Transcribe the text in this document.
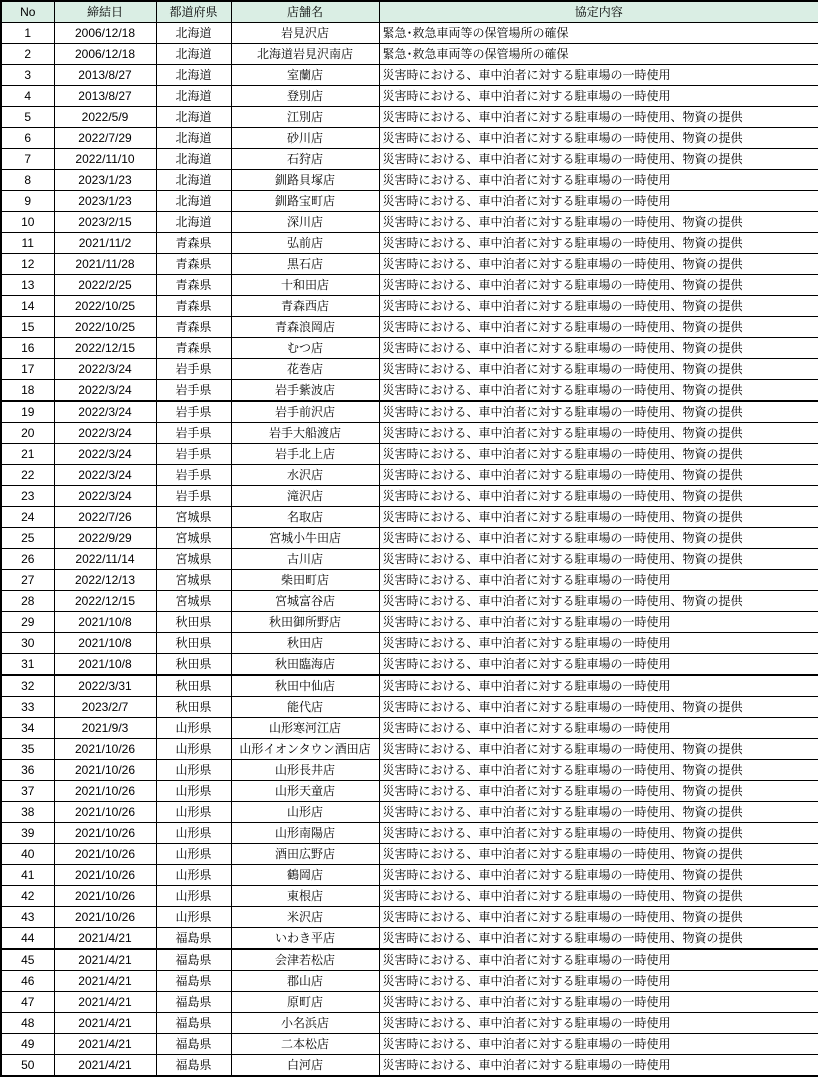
No	締結日	都道府県	店舗名	協定内容
1	2006/12/18	北海道	岩見沢店	緊急･救急車両等の保管場所の確保
2	2006/12/18	北海道	北海道岩見沢南店	緊急･救急車両等の保管場所の確保
3	2013/8/27	北海道	室蘭店	災害時における、車中泊者に対する駐車場の一時使用
4	2013/8/27	北海道	登別店	災害時における、車中泊者に対する駐車場の一時使用
5	2022/5/9	北海道	江別店	災害時における、車中泊者に対する駐車場の一時使用、物資の提供
6	2022/7/29	北海道	砂川店	災害時における、車中泊者に対する駐車場の一時使用、物資の提供
7	2022/11/10	北海道	石狩店	災害時における、車中泊者に対する駐車場の一時使用、物資の提供
8	2023/1/23	北海道	釧路貝塚店	災害時における、車中泊者に対する駐車場の一時使用
9	2023/1/23	北海道	釧路宝町店	災害時における、車中泊者に対する駐車場の一時使用
10	2023/2/15	北海道	深川店	災害時における、車中泊者に対する駐車場の一時使用、物資の提供
11	2021/11/2	青森県	弘前店	災害時における、車中泊者に対する駐車場の一時使用、物資の提供
12	2021/11/28	青森県	黒石店	災害時における、車中泊者に対する駐車場の一時使用、物資の提供
13	2022/2/25	青森県	十和田店	災害時における、車中泊者に対する駐車場の一時使用、物資の提供
14	2022/10/25	青森県	青森西店	災害時における、車中泊者に対する駐車場の一時使用、物資の提供
15	2022/10/25	青森県	青森浪岡店	災害時における、車中泊者に対する駐車場の一時使用、物資の提供
16	2022/12/15	青森県	むつ店	災害時における、車中泊者に対する駐車場の一時使用、物資の提供
17	2022/3/24	岩手県	花巻店	災害時における、車中泊者に対する駐車場の一時使用、物資の提供
18	2022/3/24	岩手県	岩手紫波店	災害時における、車中泊者に対する駐車場の一時使用、物資の提供
19	2022/3/24	岩手県	岩手前沢店	災害時における、車中泊者に対する駐車場の一時使用、物資の提供
20	2022/3/24	岩手県	岩手大船渡店	災害時における、車中泊者に対する駐車場の一時使用、物資の提供
21	2022/3/24	岩手県	岩手北上店	災害時における、車中泊者に対する駐車場の一時使用、物資の提供
22	2022/3/24	岩手県	水沢店	災害時における、車中泊者に対する駐車場の一時使用、物資の提供
23	2022/3/24	岩手県	滝沢店	災害時における、車中泊者に対する駐車場の一時使用、物資の提供
24	2022/7/26	宮城県	名取店	災害時における、車中泊者に対する駐車場の一時使用、物資の提供
25	2022/9/29	宮城県	宮城小牛田店	災害時における、車中泊者に対する駐車場の一時使用、物資の提供
26	2022/11/14	宮城県	古川店	災害時における、車中泊者に対する駐車場の一時使用、物資の提供
27	2022/12/13	宮城県	柴田町店	災害時における、車中泊者に対する駐車場の一時使用
28	2022/12/15	宮城県	宮城富谷店	災害時における、車中泊者に対する駐車場の一時使用、物資の提供
29	2021/10/8	秋田県	秋田御所野店	災害時における、車中泊者に対する駐車場の一時使用
30	2021/10/8	秋田県	秋田店	災害時における、車中泊者に対する駐車場の一時使用
31	2021/10/8	秋田県	秋田臨海店	災害時における、車中泊者に対する駐車場の一時使用
32	2022/3/31	秋田県	秋田中仙店	災害時における、車中泊者に対する駐車場の一時使用
33	2023/2/7	秋田県	能代店	災害時における、車中泊者に対する駐車場の一時使用、物資の提供
34	2021/9/3	山形県	山形寒河江店	災害時における、車中泊者に対する駐車場の一時使用
35	2021/10/26	山形県	山形イオンタウン酒田店	災害時における、車中泊者に対する駐車場の一時使用、物資の提供
36	2021/10/26	山形県	山形長井店	災害時における、車中泊者に対する駐車場の一時使用、物資の提供
37	2021/10/26	山形県	山形天童店	災害時における、車中泊者に対する駐車場の一時使用、物資の提供
38	2021/10/26	山形県	山形店	災害時における、車中泊者に対する駐車場の一時使用、物資の提供
39	2021/10/26	山形県	山形南陽店	災害時における、車中泊者に対する駐車場の一時使用、物資の提供
40	2021/10/26	山形県	酒田広野店	災害時における、車中泊者に対する駐車場の一時使用、物資の提供
41	2021/10/26	山形県	鶴岡店	災害時における、車中泊者に対する駐車場の一時使用、物資の提供
42	2021/10/26	山形県	東根店	災害時における、車中泊者に対する駐車場の一時使用、物資の提供
43	2021/10/26	山形県	米沢店	災害時における、車中泊者に対する駐車場の一時使用、物資の提供
44	2021/4/21	福島県	いわき平店	災害時における、車中泊者に対する駐車場の一時使用、物資の提供
45	2021/4/21	福島県	会津若松店	災害時における、車中泊者に対する駐車場の一時使用
46	2021/4/21	福島県	郡山店	災害時における、車中泊者に対する駐車場の一時使用
47	2021/4/21	福島県	原町店	災害時における、車中泊者に対する駐車場の一時使用
48	2021/4/21	福島県	小名浜店	災害時における、車中泊者に対する駐車場の一時使用
49	2021/4/21	福島県	二本松店	災害時における、車中泊者に対する駐車場の一時使用
50	2021/4/21	福島県	白河店	災害時における、車中泊者に対する駐車場の一時使用
